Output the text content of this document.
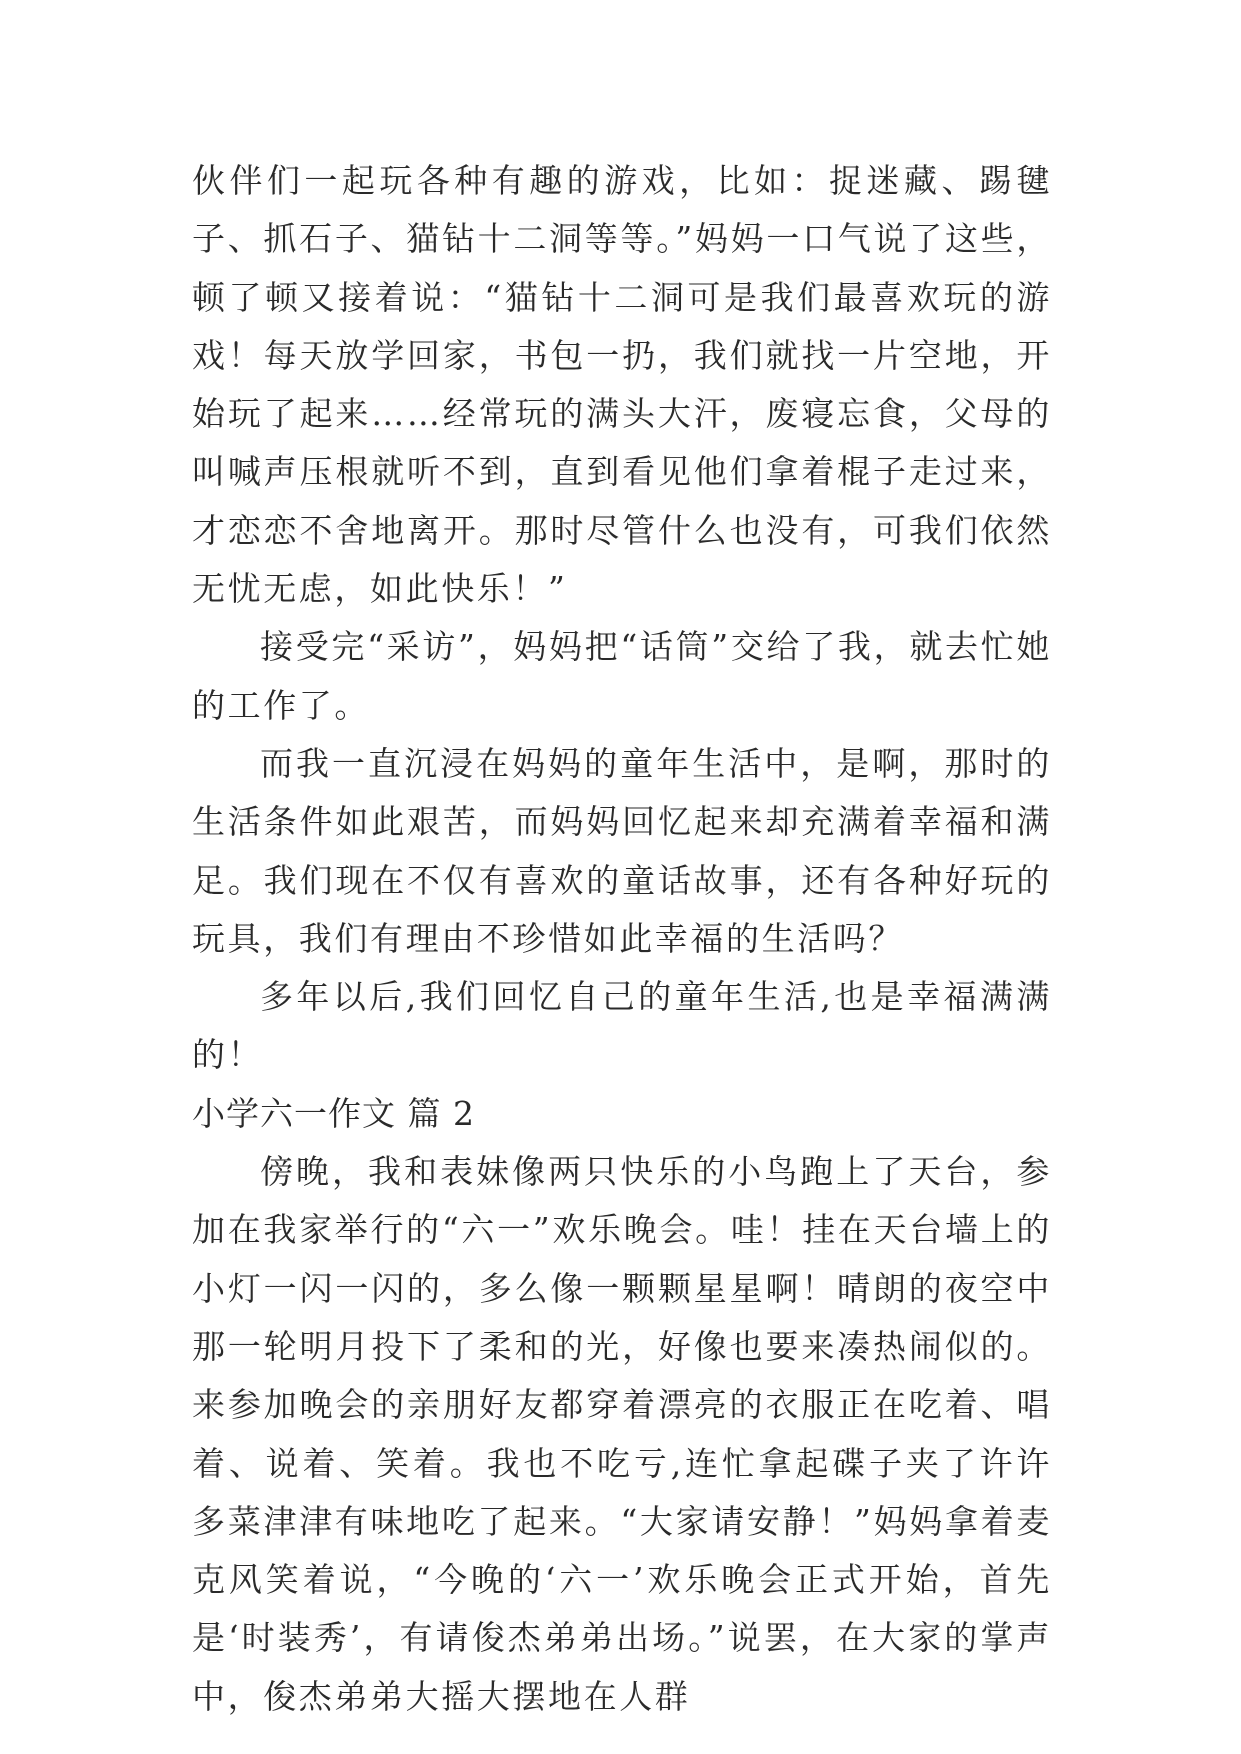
伙伴们一起玩各种有趣的游戏，比如：捉迷藏、踢毽子、抓石子、猫钻十二洞等等。”妈妈一口气说了这些，顿了顿又接着说：“猫钻十二洞可是我们最喜欢玩的游戏！每天放学回家，书包一扔，我们就找一片空地，开始玩了起来……经常玩的满头大汗，废寝忘食，父母的叫喊声压根就听不到，直到看见他们拿着棍子走过来，才恋恋不舍地离开。那时尽管什么也没有，可我们依然无忧无虑，如此快乐！”

接受完“采访”，妈妈把“话筒”交给了我，就去忙她的工作了。

而我一直沉浸在妈妈的童年生活中，是啊，那时的生活条件如此艰苦，而妈妈回忆起来却充满着幸福和满足。我们现在不仅有喜欢的童话故事，还有各种好玩的玩具，我们有理由不珍惜如此幸福的生活吗？

多年以后,我们回忆自己的童年生活,也是幸福满满的！

小学六一作文 篇 2

傍晚，我和表妹像两只快乐的小鸟跑上了天台，参加在我家举行的“六一”欢乐晚会。哇！挂在天台墙上的小灯一闪一闪的，多么像一颗颗星星啊！晴朗的夜空中那一轮明月投下了柔和的光，好像也要来凑热闹似的。来参加晚会的亲朋好友都穿着漂亮的衣服正在吃着、唱着、说着、笑着。我也不吃亏,连忙拿起碟子夹了许许多菜津津有味地吃了起来。“大家请安静！”妈妈拿着麦克风笑着说，“今晚的‘六一’欢乐晚会正式开始，首先是‘时装秀’，有请俊杰弟弟出场。”说罢，在大家的掌声中，俊杰弟弟大摇大摆地在人群
